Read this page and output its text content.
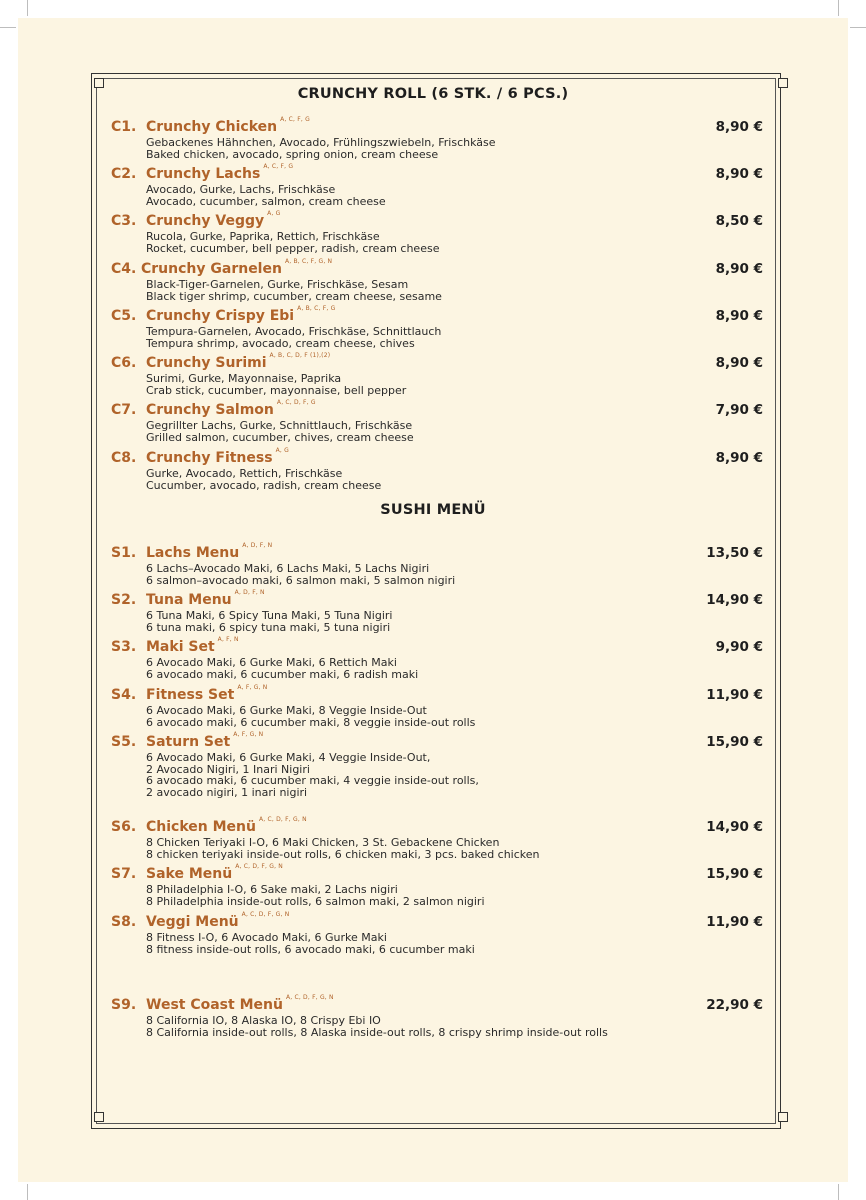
CRUNCHY ROLL (6 STK. / 6 PCS.)
SUSHI MENÜ
C1. Crunchy Chicken $^{A, C, F, G}$	8,90 €
Gebackenes Hähnchen, Avocado, Frühlingszwiebeln, Frischkäse
Baked chicken, avocado, spring onion, cream cheese
C2. Crunchy Lachs $^{A, C, F, G}$	8,90 €
Avocado, Gurke, Lachs, Frischkäse
Avocado, cucumber, salmon, cream cheese
C3. Crunchy Veggy $^{A, G}$	8,50 €
Rucola, Gurke, Paprika, Rettich, Frischkäse
Rocket, cucumber, bell pepper, radish, cream cheese
C4. Crunchy Garnelen $^{A, B, C, F, G, N}$	8,90 €
Black-Tiger-Garnelen, Gurke, Frischkäse, Sesam
Black tiger shrimp, cucumber, cream cheese, sesame
C5. Crunchy Crispy Ebi $^{A, B, C, F, G}$	8,90 €
Tempura-Garnelen, Avocado, Frischkäse, Schnittlauch
Tempura shrimp, avocado, cream cheese, chives
C6. Crunchy Surimi $^{A, B, C, D, F (1),(2)}$	8,90 €
Surimi, Gurke, Mayonnaise, Paprika
Crab stick, cucumber, mayonnaise, bell pepper
C7. Crunchy Salmon $^{A, C, D, F, G}$	7,90 €
Gegrillter Lachs, Gurke, Schnittlauch, Frischkäse
Grilled salmon, cucumber, chives, cream cheese
C8. Crunchy Fitness $^{A, G}$	8,90 €
Gurke, Avocado, Rettich, Frischkäse
Cucumber, avocado, radish, cream cheese
S1. Lachs Menu $^{A, D, F, N}$	13,50 €
6 Lachs–Avocado Maki, 6 Lachs Maki, 5 Lachs Nigiri
6 salmon–avocado maki, 6 salmon maki, 5 salmon nigiri
S2. Tuna Menu $^{A, D, F, N}$	14,90 €
6 Tuna Maki, 6 Spicy Tuna Maki, 5 Tuna Nigiri
6 tuna maki, 6 spicy tuna maki, 5 tuna nigiri
S3. Maki Set $^{A, F, N}$	9,90 €
6 Avocado Maki, 6 Gurke Maki, 6 Rettich Maki
6 avocado maki, 6 cucumber maki, 6 radish maki
S4. Fitness Set $^{A, F, G, N}$	11,90 €
6 Avocado Maki, 6 Gurke Maki, 8 Veggie Inside-Out
6 avocado maki, 6 cucumber maki, 8 veggie inside-out rolls
S5. Saturn Set $^{A, F, G, N}$	15,90 €
6 Avocado Maki, 6 Gurke Maki, 4 Veggie Inside-Out,
2 Avocado Nigiri, 1 Inari Nigiri
6 avocado maki, 6 cucumber maki, 4 veggie inside-out rolls,
2 avocado nigiri, 1 inari nigiri
S6. Chicken Menü $^{A, C, D, F, G, N}$	14,90 €
8 Chicken Teriyaki I-O, 6 Maki Chicken, 3 St. Gebackene Chicken
8 chicken teriyaki inside-out rolls, 6 chicken maki, 3 pcs. baked chicken
S7. Sake Menü $^{A, C, D, F, G, N}$	15,90 €
8 Philadelphia I-O, 6 Sake maki, 2 Lachs nigiri
8 Philadelphia inside-out rolls, 6 salmon maki, 2 salmon nigiri
S8. Veggi Menü $^{A, C, D, F, G, N}$	11,90 €
8 Fitness I-O, 6 Avocado Maki, 6 Gurke Maki
8 fitness inside-out rolls, 6 avocado maki, 6 cucumber maki
S9. West Coast Menü $^{A, C, D, F, G, N}$	22,90 €
8 California IO, 8 Alaska IO, 8 Crispy Ebi IO
8 California inside-out rolls, 8 Alaska inside-out rolls, 8 crispy shrimp inside-out rolls
